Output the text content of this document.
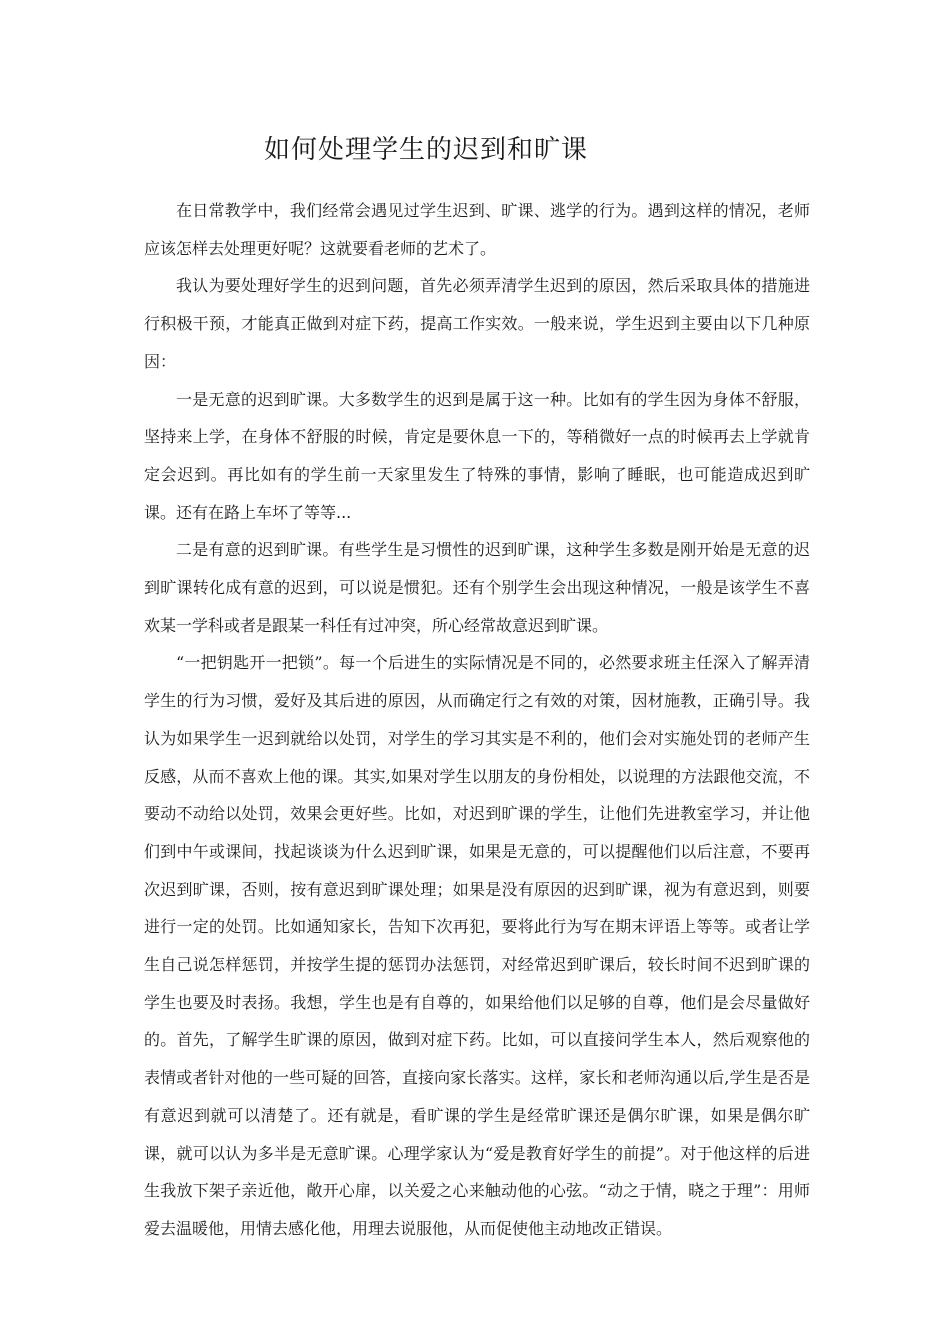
如何处理学生的迟到和旷课

在日常教学中，我们经常会遇见过学生迟到、旷课、逃学的行为。遇到这样的情况，老师应该怎样去处理更好呢？这就要看老师的艺术了。

我认为要处理好学生的迟到问题，首先必须弄清学生迟到的原因，然后采取具体的措施进行积极干预，才能真正做到对症下药，提高工作实效。一般来说，学生迟到主要由以下几种原因：

一是无意的迟到旷课。大多数学生的迟到是属于这一种。比如有的学生因为身体不舒服，坚持来上学，在身体不舒服的时候，肯定是要休息一下的，等稍微好一点的时候再去上学就肯定会迟到。再比如有的学生前一天家里发生了特殊的事情，影响了睡眠，也可能造成迟到旷课。还有在路上车坏了等等...

二是有意的迟到旷课。有些学生是习惯性的迟到旷课，这种学生多数是刚开始是无意的迟到旷课转化成有意的迟到，可以说是惯犯。还有个别学生会出现这种情况，一般是该学生不喜欢某一学科或者是跟某一科任有过冲突，所心经常故意迟到旷课。

“一把钥匙开一把锁”。每一个后进生的实际情况是不同的，必然要求班主任深入了解弄清学生的行为习惯，爱好及其后进的原因，从而确定行之有效的对策，因材施教，正确引导。我认为如果学生一迟到就给以处罚，对学生的学习其实是不利的，他们会对实施处罚的老师产生反感，从而不喜欢上他的课。其实,如果对学生以朋友的身份相处，以说理的方法跟他交流，不要动不动给以处罚，效果会更好些。比如，对迟到旷课的学生，让他们先进教室学习，并让他们到中午或课间，找起谈谈为什么迟到旷课，如果是无意的，可以提醒他们以后注意，不要再次迟到旷课，否则，按有意迟到旷课处理；如果是没有原因的迟到旷课，视为有意迟到，则要进行一定的处罚。比如通知家长，告知下次再犯，要将此行为写在期末评语上等等。或者让学生自己说怎样惩罚，并按学生提的惩罚办法惩罚，对经常迟到旷课后，较长时间不迟到旷课的学生也要及时表扬。我想，学生也是有自尊的，如果给他们以足够的自尊，他们是会尽量做好的。首先，了解学生旷课的原因，做到对症下药。比如，可以直接问学生本人，然后观察他的表情或者针对他的一些可疑的回答，直接向家长落实。这样，家长和老师沟通以后,学生是否是有意迟到就可以清楚了。还有就是，看旷课的学生是经常旷课还是偶尔旷课，如果是偶尔旷课，就可以认为多半是无意旷课。心理学家认为“爱是教育好学生的前提”。对于他这样的后进生我放下架子亲近他，敞开心扉，以关爱之心来触动他的心弦。“动之于情，晓之于理”：用师爱去温暖他，用情去感化他，用理去说服他，从而促使他主动地改正错误。
